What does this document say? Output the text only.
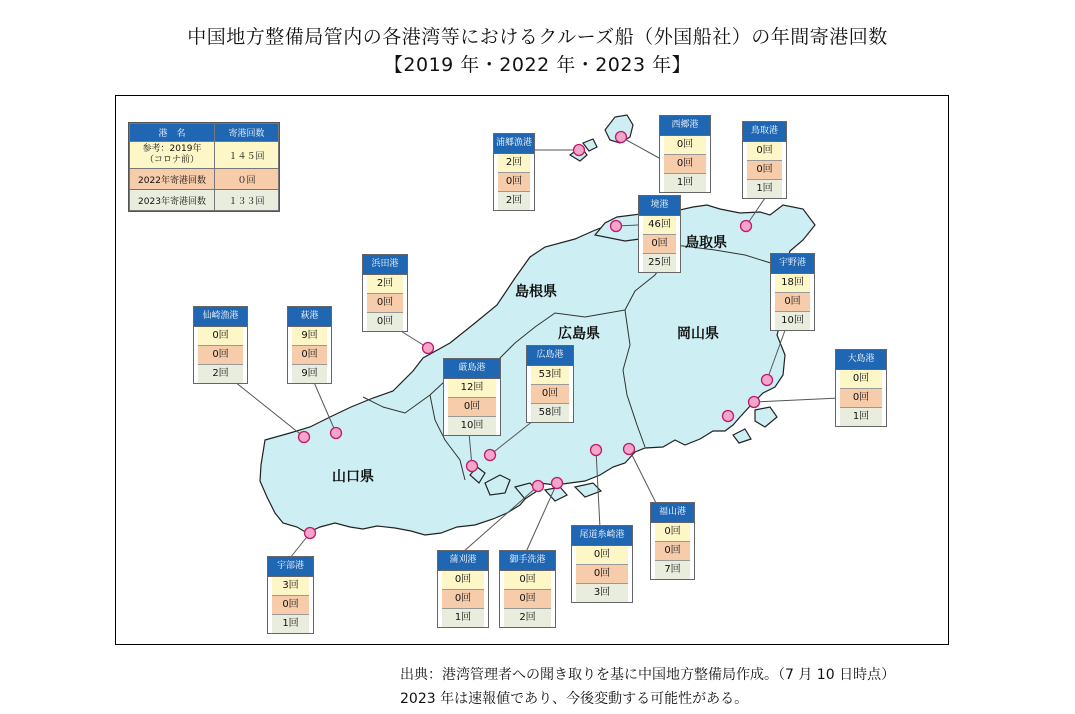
中国地方整備局管内の各港湾等におけるクルーズ船（外国船社）の年間寄港回数
【2019 年・2022 年・2023 年】
鳥取県
島根県
広島県	岡山県
山口県
港　名	寄港回数
参考：2019年
（コロナ前）	１４５回
2022年寄港回数	０回
2023年寄港回数	１３３回
浦郷漁港
2回
0回
2回
西郷港
0回
0回
1回
鳥取港
0回
0回
1回
境港
46回
0回
25回	宇野港
18回
0回
10回
浜田港
2回
0回
0回
仙崎漁港
0回
0回
2回
萩港
9回
0回
9回	厳島港
12回
0回
10回
広島港
53回
0回
58回
大島港
0回
0回
1回
福山港
0回
0回
7回
尾道糸崎港
0回
0回
3回
御手洗港
0回
0回
2回
蒲刈港
0回
0回
1回
宇部港
3回
0回
1回
出典：港湾管理者への聞き取りを基に中国地方整備局作成。（7 月 10 日時点）
2023 年は速報値であり、今後変動する可能性がある。
